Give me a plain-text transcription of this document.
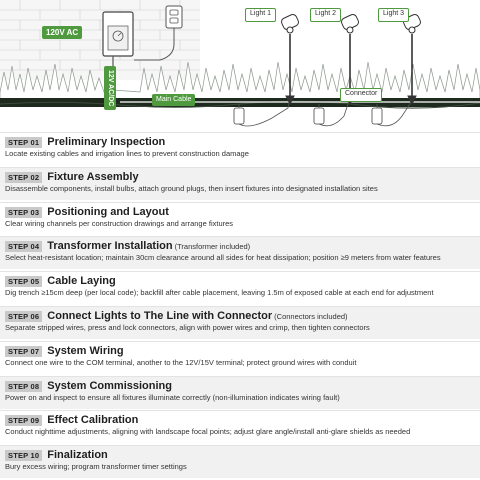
120V AC
12V AC/DC	Main Cable
Connector
Light 1	Light 2	Light 3
STEP 01 Preliminary Inspection
Locate existing cables and irrigation lines to prevent construction damage
STEP 02 Fixture Assembly
Disassemble components, install bulbs, attach ground plugs, then insert fixtures into designated installation sites
STEP 03 Positioning and Layout
Clear wiring channels per construction drawings and arrange fixtures
STEP 04 Transformer Installation (Transformer included)
Select heat-resistant location; maintain 30cm clearance around all sides for heat dissipation; position ≥9 meters from water features
STEP 05 Cable Laying
Dig trench ≥15cm deep (per local code); backfill after cable placement, leaving 1.5m of exposed cable at each end for adjustment
STEP 06 Connect Lights to The Line with Connector (Connectors included)
Separate stripped wires, press and lock connectors, align with power wires and crimp, then tighten connectors
STEP 07 System Wiring
Connect one wire to the COM terminal, another to the 12V/15V terminal; protect ground wires with conduit
STEP 08 System Commissioning
Power on and inspect to ensure all fixtures illuminate correctly (non-illumination indicates wiring fault)
STEP 09 Effect Calibration
Conduct nighttime adjustments, aligning with landscape focal points; adjust glare angle/install anti-glare shields as needed
STEP 10 Finalization
Bury excess wiring; program transformer timer settings
